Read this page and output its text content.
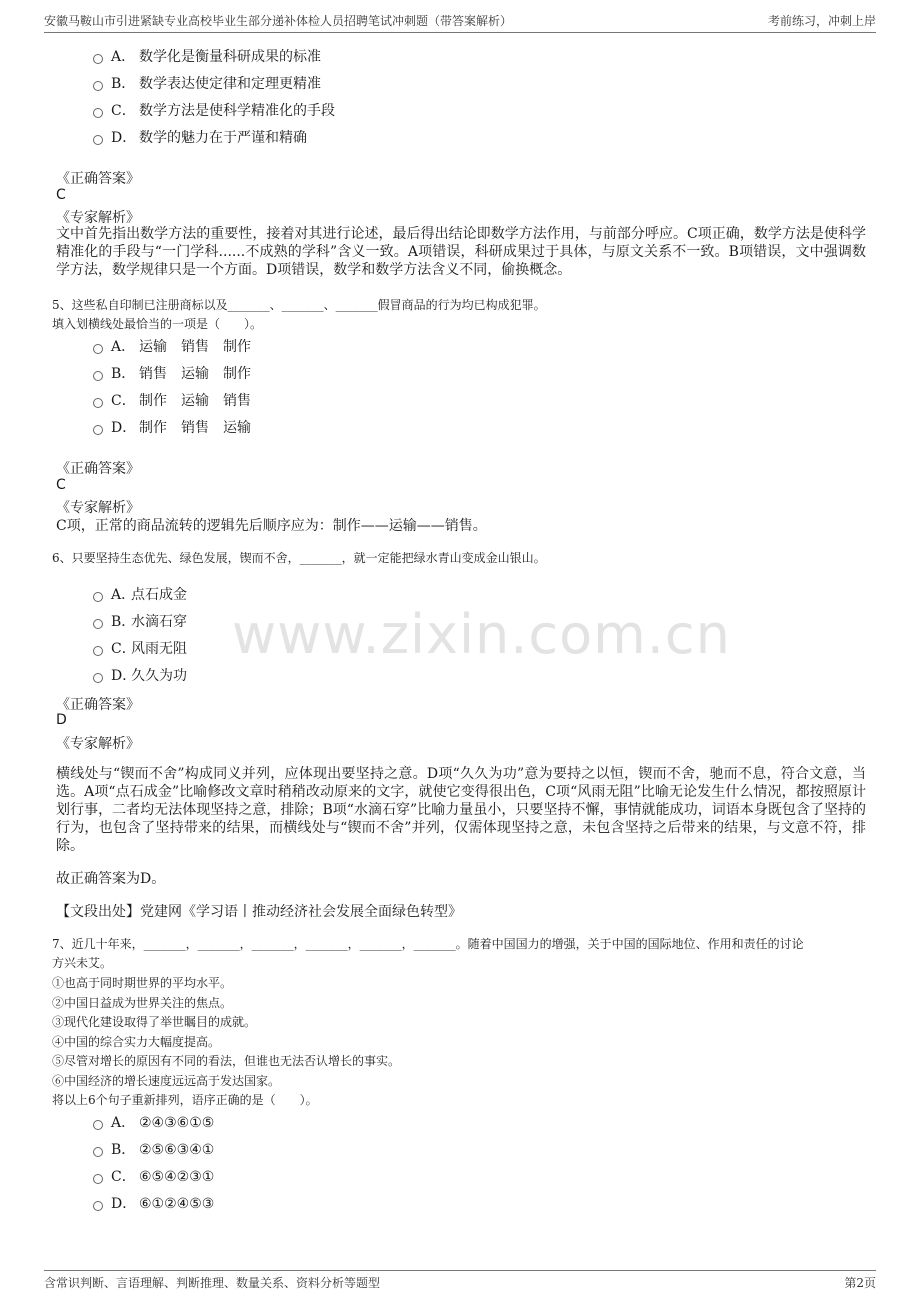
安徽马鞍山市引进紧缺专业高校毕业生部分递补体检人员招聘笔试冲刺题（带答案解析）	考前练习，冲刺上岸
www.zixin.com.cn
A． 数学化是衡量科研成果的标准
B． 数学表达使定律和定理更精准
C． 数学方法是使科学精准化的手段
D． 数学的魅力在于严谨和精确
《正确答案》
C
《专家解析》
文中首先指出数学方法的重要性，接着对其进行论述，最后得出结论即数学方法作用，与前部分呼应。C项正确，数学方法是使科学精准化的手段与“一门学科......不成熟的学科”含义一致。A项错误，科研成果过于具体，与原文关系不一致。B项错误，文中强调数学方法，数学规律只是一个方面。D项错误，数学和数学方法含义不同，偷换概念。
5、这些私自印制已注册商标以及_______、_______、_______假冒商品的行为均已构成犯罪。
填入划横线处最恰当的一项是（　　）。
A． 运输　销售　制作
B． 销售　运输　制作
C． 制作　运输　销售
D． 制作　销售　运输
《正确答案》
C
《专家解析》
C项，正常的商品流转的逻辑先后顺序应为：制作——运输——销售。
6、只要坚持生态优先、绿色发展，锲而不舍，_______，就一定能把绿水青山变成金山银山。
A．点石成金
B．水滴石穿
C．风雨无阻
D．久久为功
《正确答案》
D
《专家解析》
横线处与“锲而不舍”构成同义并列，应体现出要坚持之意。D项“久久为功”意为要持之以恒，锲而不舍，驰而不息，符合文意，当选。A项“点石成金”比喻修改文章时稍稍改动原来的文字，就使它变得很出色，C项“风雨无阻”比喻无论发生什么情况，都按照原计划行事，二者均无法体现坚持之意，排除；B项“水滴石穿”比喻力量虽小，只要坚持不懈，事情就能成功，词语本身既包含了坚持的行为，也包含了坚持带来的结果，而横线处与“锲而不舍”并列，仅需体现坚持之意，未包含坚持之后带来的结果，与文意不符，排除。
故正确答案为D。
【文段出处】党建网《学习语丨推动经济社会发展全面绿色转型》
7、近几十年来，_______，_______，_______，_______，_______，_______。随着中国国力的增强，关于中国的国际地位、作用和责任的讨论
方兴未艾。
①也高于同时期世界的平均水平。
②中国日益成为世界关注的焦点。
③现代化建设取得了举世瞩目的成就。
④中国的综合实力大幅度提高。
⑤尽管对增长的原因有不同的看法，但谁也无法否认增长的事实。
⑥中国经济的增长速度远远高于发达国家。
将以上6个句子重新排列，语序正确的是（　　）。
A． ②④③⑥①⑤
B． ②⑤⑥③④①
C． ⑥⑤④②③①
D． ⑥①②④⑤③
含常识判断、言语理解、判断推理、数量关系、资料分析等题型	第2页
